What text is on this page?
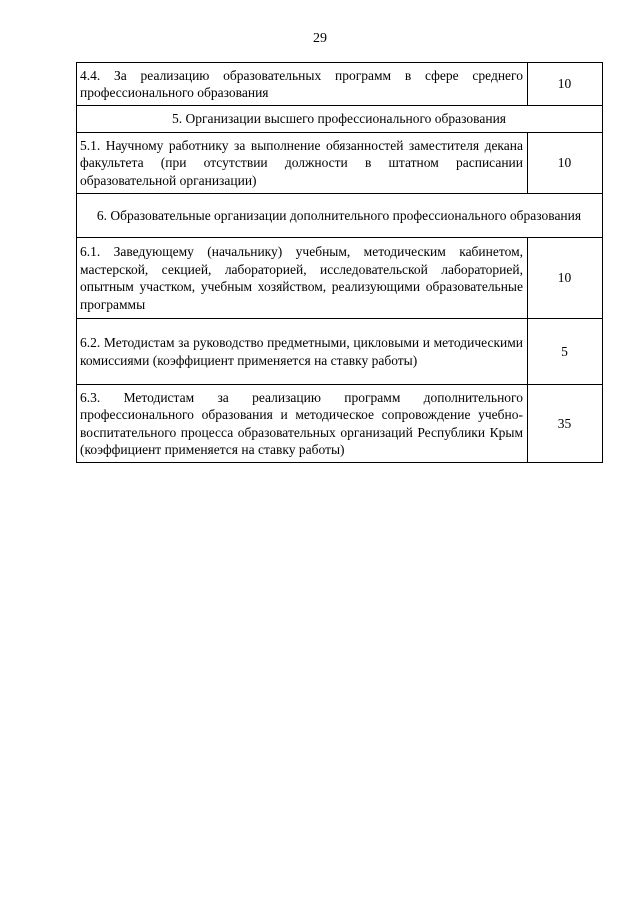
29
4.4. За реализацию образовательных программ в сфере среднего профессионального образования	10
5. Организации высшего профессионального образования	
5.1. Научному работнику за выполнение обязанностей заместителя декана факультета (при отсутствии должности в штатном расписании образовательной организации)	10
6. Образовательные организации дополнительного профессионального образования	
6.1. Заведующему (начальнику) учебным, методическим кабинетом, мастерской, секцией, лабораторией, исследовательской лабораторией, опытным участком, учебным хозяйством, реализующими образовательные программы	10
6.2. Методистам за руководство предметными, цикловыми и методическими комиссиями (коэффициент применяется на ставку работы)	5
6.3. Методистам за реализацию программ дополнительного профессионального образования и методическое сопровождение учебно-воспитательного процесса образовательных организаций Республики Крым (коэффициент применяется на ставку работы)	35
